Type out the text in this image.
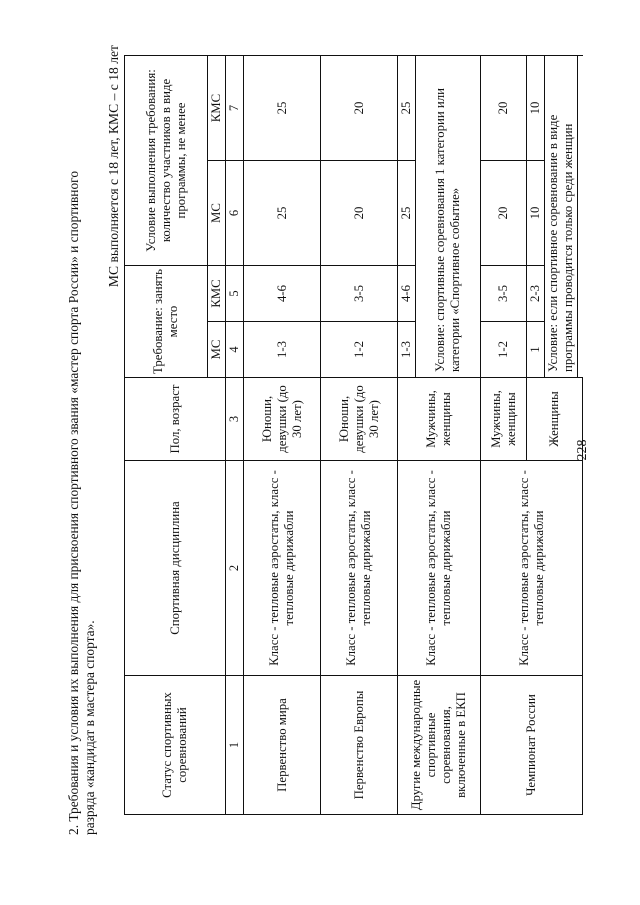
228
2. Требования и условия их выполнения для присвоения спортивного звания «мастер спорта России» и спортивного разряда «кандидат в мастера спорта».
МС выполняется с 18 лет, КМС – с 18 лет
Статус спортивных соревнований	Спортивная дисциплина	Пол, возраст	Требование: занять место		Условие выполнения требования: количество участников в виде программы, не менее	
			МС	КМС	МС	КМС
1	2	3	4	5	6	7
Первенство мира	Класс - тепловые аэростаты, класс - тепловые дирижабли	Юноши, девушки (до 30 лет)	1-3	4-6	25	25
Первенство Европы	Класс - тепловые аэростаты, класс - тепловые дирижабли	Юноши, девушки (до 30 лет)	1-2	3-5	20	20
Другие международные спортивные соревнования, включенные в ЕКП	Класс - тепловые аэростаты, класс - тепловые дирижабли	Мужчины, женщины	1-3	4-6	25	25
			Условие: спортивные соревнования 1 категории или категории «Спортивное событие»			
Чемпионат России	Класс - тепловые аэростаты, класс - тепловые дирижабли	Мужчины, женщины	1-2	3-5	20	20
		Женщины	1	2-3	10	10
			Условие: если спортивное соревнование в виде программы проводится только среди женщин			
